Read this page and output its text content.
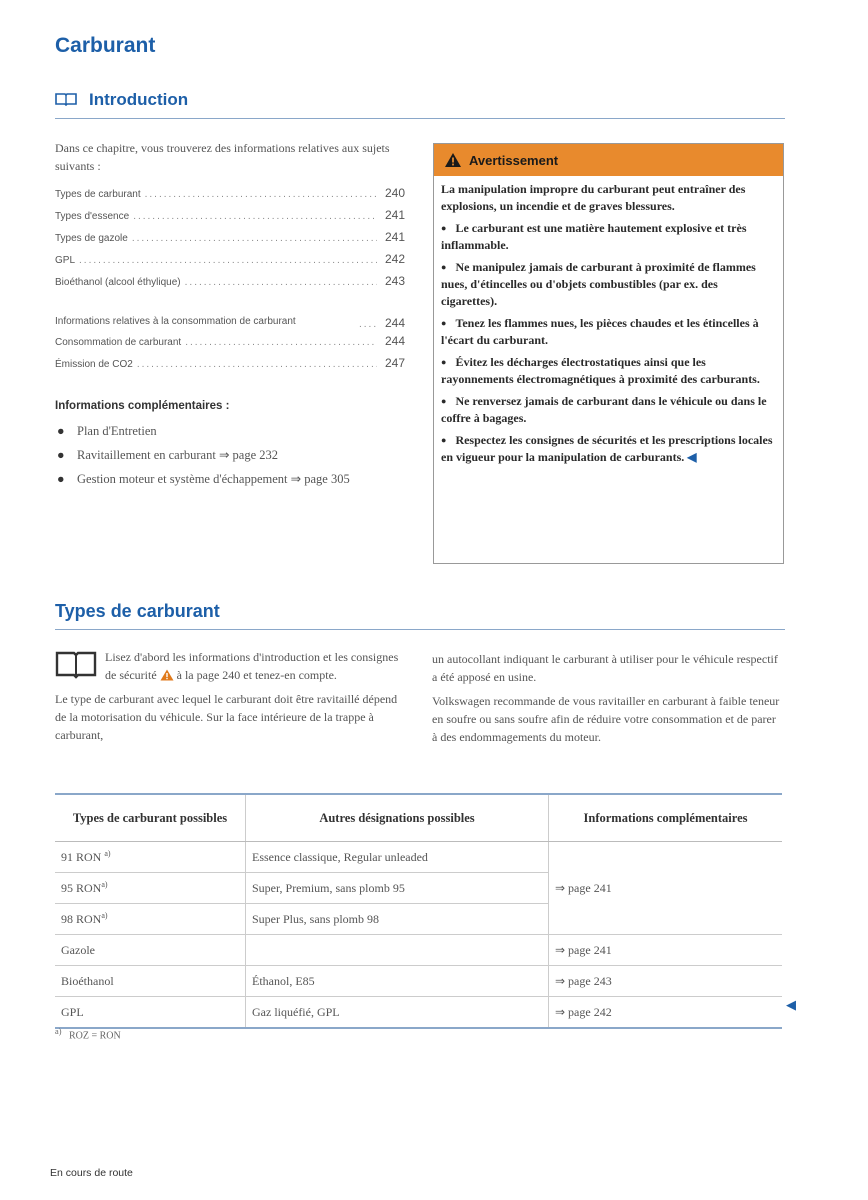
Carburant
Introduction
Dans ce chapitre, vous trouverez des informations relatives aux sujets suivants :
Types de carburant .....	240
Types d'essence .....	241
Types de gazole .....	241
GPL .....	242
Bioéthanol (alcool éthylique) .....	243
Informations relatives à la consommation de carburant .....	244
Consommation de carburant .....	244
Émission de CO2 .....	247
Informations complémentaires :
● Plan d'Entretien
● Ravitaillement en carburant ⇒ page 232
● Gestion moteur et système d'échappement ⇒ page 305
Avertissement

La manipulation impropre du carburant peut entraîner des explosions, un incendie et de graves blessures.

● Le carburant est une matière hautement explosive et très inflammable.

● Ne manipulez jamais de carburant à proximité de flammes nues, d'étincelles ou d'objets combustibles (par ex. des cigarettes).

● Tenez les flammes nues, les pièces chaudes et les étincelles à l'écart du carburant.

● Évitez les décharges électrostatiques ainsi que les rayonnements électromagnétiques à proximité des carburants.

● Ne renversez jamais de carburant dans le véhicule ou dans le coffre à bagages.

● Respectez les consignes de sécurités et les prescriptions locales en vigueur pour la manipulation de carburants. ◀

Types de carburant

Lisez d'abord les informations d'introduction et les consignes de sécurité à la page 240 et tenez-en compte.

Le type de carburant avec lequel le carburant doit être ravitaillé dépend de la motorisation du véhicule. Sur la face intérieure de la trappe à carburant,

un autocollant indiquant le carburant à utiliser pour le véhicule respectif a été apposé en usine.

Volkswagen recommande de vous ravitailler en carburant à faible teneur en soufre ou sans soufre afin de réduire votre consommation et de parer à des endommagements du moteur.

Types de carburant possibles	Autres désignations possibles	Informations complémentaires
91 RON $^{a)}$	Essence classique, Regular unleaded	⇒ page 241
95 RON$^{a)}$	Super, Premium, sans plomb 95	
98 RON$^{a)}$	Super Plus, sans plomb 98	
Gazole		⇒ page 241
Bioéthanol	Éthanol, E85	⇒ page 243
GPL	Gaz liquéfié, GPL	⇒ page 242	◀
$^{a)}$ ROZ = RON
En cours de route
